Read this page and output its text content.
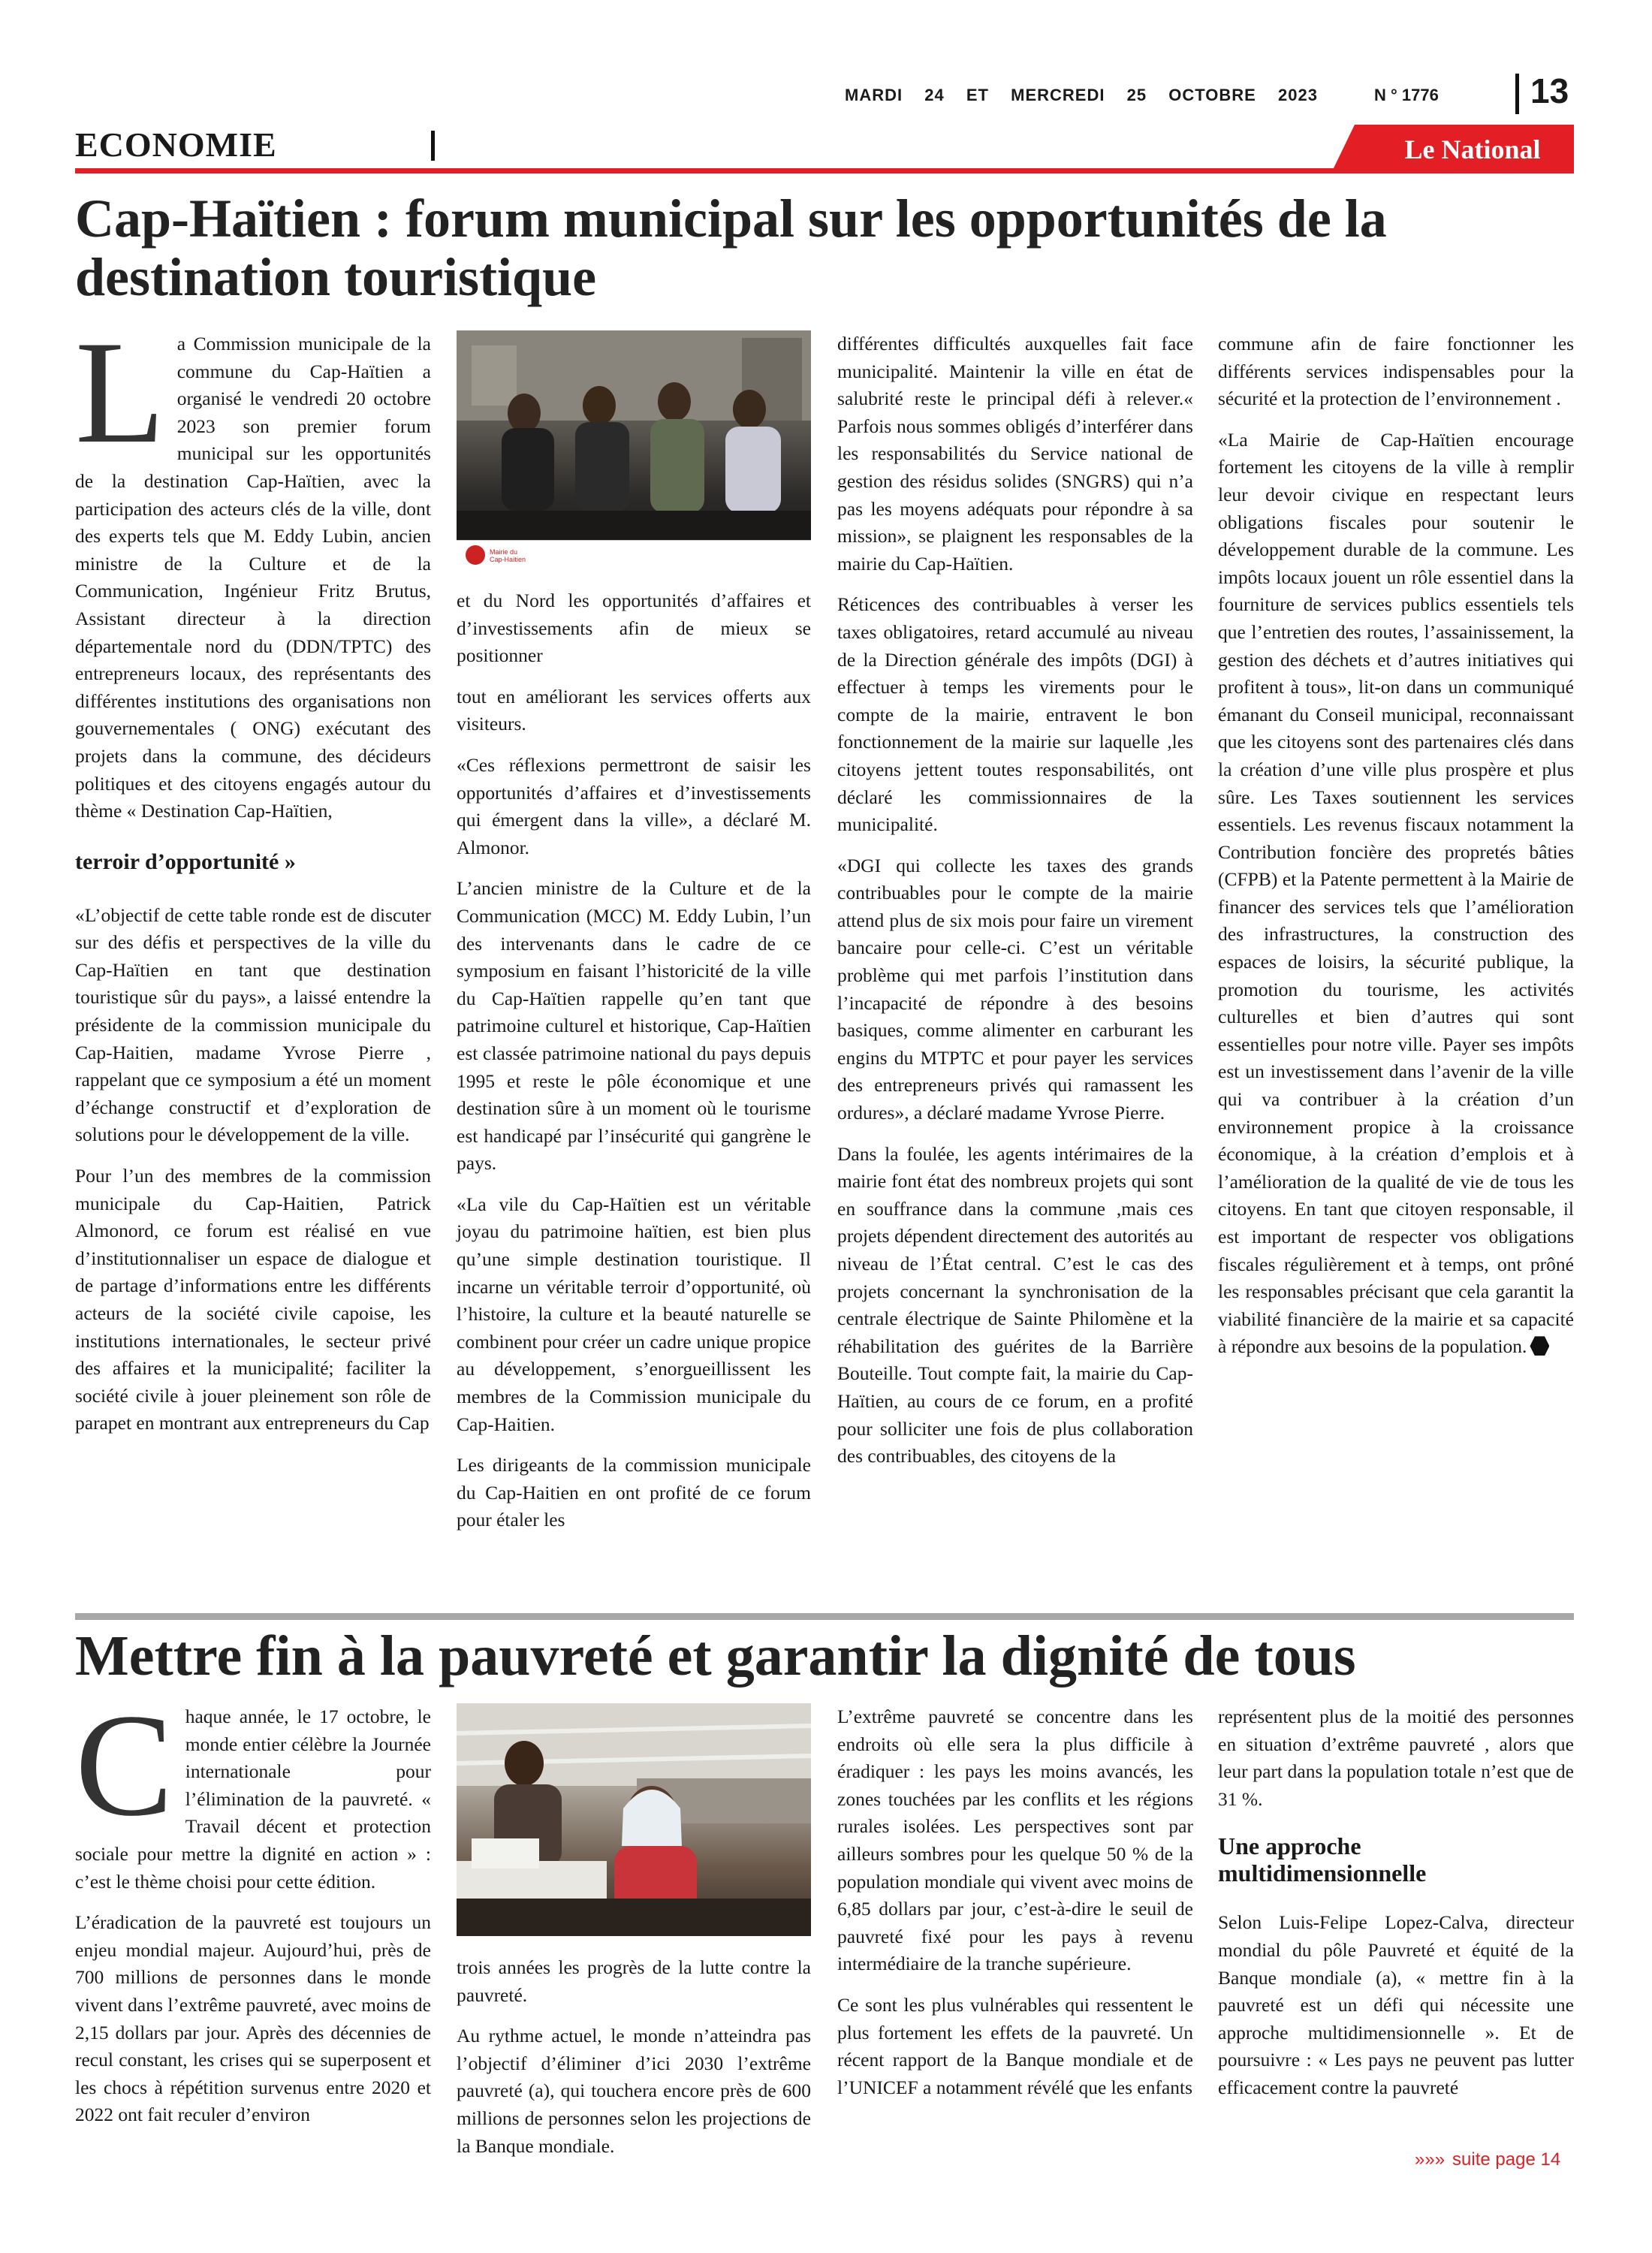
MARDI 24 ET MERCREDI 25 OCTOBRE 2023	N ° 1776	13
ECONOMIE	Le National
Cap-Haïtien : forum municipal sur les opportunités de la destination touristique

La Commission municipale de la commune du Cap-Haïtien a organisé le vendredi 20 octobre 2023 son premier forum municipal sur les opportunités de la destination Cap-Haïtien, avec la participation des acteurs clés de la ville, dont des experts tels que M. Eddy Lubin, ancien ministre de la Culture et de la Communication, Ingénieur Fritz Brutus, Assistant directeur à la direction départementale nord du (DDN/TPTC) des entrepreneurs locaux, des représentants des différentes institutions des organisations non gouvernementales ( ONG) exécutant des projets dans la commune, des décideurs politiques et des citoyens engagés autour du thème « Destination Cap-Haïtien,

terroir d’opportunité »

«L’objectif de cette table ronde est de discuter sur des défis et perspectives de la ville du Cap-Haïtien en tant que destination touristique sûr du pays», a laissé entendre la présidente de la commission municipale du Cap-Haitien, madame Yvrose Pierre , rappelant que ce symposium a été un moment d’échange constructif et d’exploration de solutions pour le développement de la ville.

Pour l’un des membres de la commission municipale du Cap-Haitien, Patrick Almonord, ce forum est réalisé en vue d’institutionnaliser un espace de dialogue et de partage d’informations entre les différents acteurs de la société civile capoise, les institutions internationales, le secteur privé des affaires et la municipalité; faciliter la société civile à jouer pleinement son rôle de parapet en montrant aux entrepreneurs du Cap

Mairie du Cap-Haïtien

et du Nord les opportunités d’affaires et d’investissements afin de mieux se positionner

tout en améliorant les services offerts aux visiteurs.

«Ces réflexions permettront de saisir les opportunités d’affaires et d’investissements qui émergent dans la ville», a déclaré M. Almonor.

L’ancien ministre de la Culture et de la Communication (MCC) M. Eddy Lubin, l’un des intervenants dans le cadre de ce symposium en faisant l’historicité de la ville du Cap-Haïtien rappelle qu’en tant que patrimoine culturel et historique, Cap-Haïtien est classée patrimoine national du pays depuis 1995 et reste le pôle économique et une destination sûre à un moment où le tourisme est handicapé par l’insécurité qui gangrène le pays.

«La vile du Cap-Haïtien est un véritable joyau du patrimoine haïtien, est bien plus qu’une simple destination touristique. Il incarne un véritable terroir d’opportunité, où l’histoire, la culture et la beauté naturelle se combinent pour créer un cadre unique propice au développement, s’enorgueillissent les membres de la Commission municipale du Cap-Haitien.

Les dirigeants de la commission municipale du Cap-Haitien en ont profité de ce forum pour étaler les

différentes difficultés auxquelles fait face municipalité. Maintenir la ville en état de salubrité reste le principal défi à relever.« Parfois nous sommes obligés d’interférer dans les responsabilités du Service national de gestion des résidus solides (SNGRS) qui n’a pas les moyens adéquats pour répondre à sa mission», se plaignent les responsables de la mairie du Cap-Haïtien.

Réticences des contribuables à verser les taxes obligatoires, retard accumulé au niveau de la Direction générale des impôts (DGI) à effectuer à temps les virements pour le compte de la mairie, entravent le bon fonctionnement de la mairie sur laquelle ,les citoyens jettent toutes responsabilités, ont déclaré les commissionnaires de la municipalité.

«DGI qui collecte les taxes des grands contribuables pour le compte de la mairie attend plus de six mois pour faire un virement bancaire pour celle-ci. C’est un véritable problème qui met parfois l’institution dans l’incapacité de répondre à des besoins basiques, comme alimenter en carburant les engins du MTPTC et pour payer les services des entrepreneurs privés qui ramassent les ordures», a déclaré madame Yvrose Pierre.

Dans la foulée, les agents intérimaires de la mairie font état des nombreux projets qui sont en souffrance dans la commune ,mais ces projets dépendent directement des autorités au niveau de l’État central. C’est le cas des projets concernant la synchronisation de la centrale électrique de Sainte Philomène et la réhabilitation des guérites de la Barrière Bouteille. Tout compte fait, la mairie du Cap-Haïtien, au cours de ce forum, en a profité pour solliciter une fois de plus collaboration des contribuables, des citoyens de la

commune afin de faire fonctionner les différents services indispensables pour la sécurité et la protection de l’environnement .

«La Mairie de Cap-Haïtien encourage fortement les citoyens de la ville à remplir leur devoir civique en respectant leurs obligations fiscales pour soutenir le développement durable de la commune. Les impôts locaux jouent un rôle essentiel dans la fourniture de services publics essentiels tels que l’entretien des routes, l’assainissement, la gestion des déchets et d’autres initiatives qui profitent à tous», lit-on dans un communiqué émanant du Conseil municipal, reconnaissant que les citoyens sont des partenaires clés dans la création d’une ville plus prospère et plus sûre. Les Taxes soutiennent les services essentiels. Les revenus fiscaux notamment la Contribution foncière des propretés bâties (CFPB) et la Patente permettent à la Mairie de financer des services tels que l’amélioration des infrastructures, la construction des espaces de loisirs, la sécurité publique, la promotion du tourisme, les activités culturelles et bien d’autres qui sont essentielles pour notre ville. Payer ses impôts est un investissement dans l’avenir de la ville qui va contribuer à la création d’un environnement propice à la croissance économique, à la création d’emplois et à l’amélioration de la qualité de vie de tous les citoyens. En tant que citoyen responsable, il est important de respecter vos obligations fiscales régulièrement et à temps, ont prôné les responsables précisant que cela garantit la viabilité financière de la mairie et sa capacité à répondre aux besoins de la population.

Mettre fin à la pauvreté et garantir la dignité de tous

Chaque année, le 17 octobre, le monde entier célèbre la Journée internationale pour l’élimination de la pauvreté. « Travail décent et protection sociale pour mettre la dignité en action » : c’est le thème choisi pour cette édition.

L’éradication de la pauvreté est toujours un enjeu mondial majeur. Aujourd’hui, près de 700 millions de personnes dans le monde vivent dans l’extrême pauvreté, avec moins de 2,15 dollars par jour. Après des décennies de recul constant, les crises qui se superposent et les chocs à répétition survenus entre 2020 et 2022 ont fait reculer d’environ

trois années les progrès de la lutte contre la pauvreté.

Au rythme actuel, le monde n’atteindra pas l’objectif d’éliminer d’ici 2030 l’extrême pauvreté (a), qui touchera encore près de 600 millions de personnes selon les projections de la Banque mondiale.

L’extrême pauvreté se concentre dans les endroits où elle sera la plus difficile à éradiquer : les pays les moins avancés, les zones touchées par les conflits et les régions rurales isolées. Les perspectives sont par ailleurs sombres pour les quelque 50 % de la population mondiale qui vivent avec moins de 6,85 dollars par jour, c’est-à-dire le seuil de pauvreté fixé pour les pays à revenu intermédiaire de la tranche supérieure.

Ce sont les plus vulnérables qui ressentent le plus fortement les effets de la pauvreté. Un récent rapport de la Banque mondiale et de l’UNICEF a notamment révélé que les enfants

représentent plus de la moitié des personnes en situation d’extrême pauvreté , alors que leur part dans la population totale n’est que de 31 %.

Une approche multidimensionnelle

Selon Luis-Felipe Lopez-Calva, directeur mondial du pôle Pauvreté et équité de la Banque mondiale (a), « mettre fin à la pauvreté est un défi qui nécessite une approche multidimensionnelle ». Et de poursuivre : « Les pays ne peuvent pas lutter efficacement contre la pauvreté

»»» suite page 14
